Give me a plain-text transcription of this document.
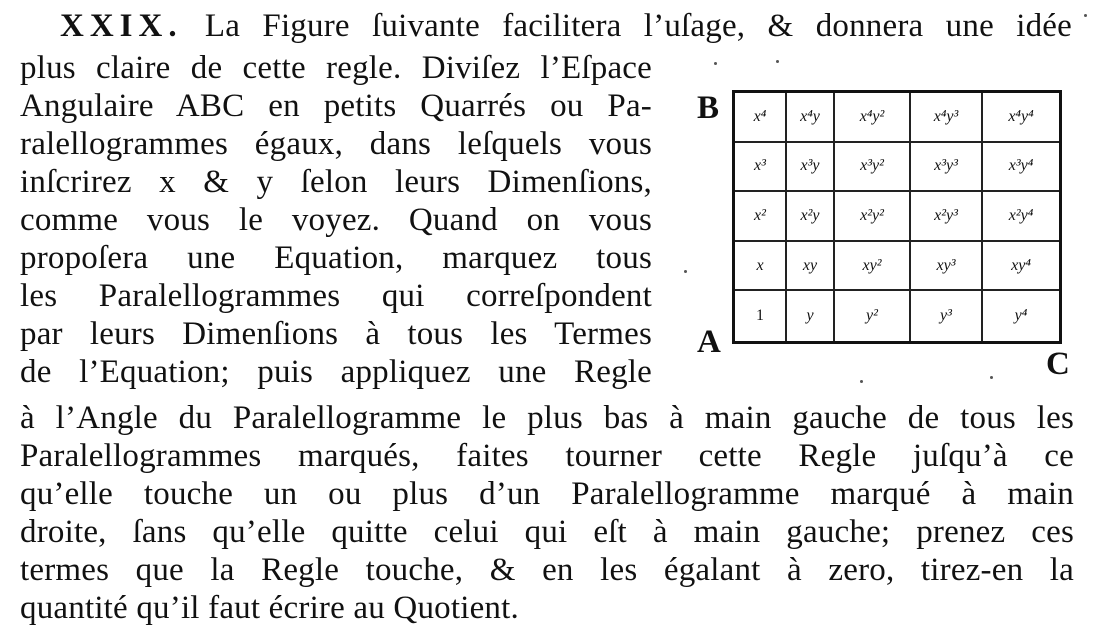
XXIX. La Figure ſuivante facilitera l’uſage, & donnera une idée
plus claire de cette regle. Diviſez l’Eſpace
Angulaire ABC en petits Quarrés ou Pa-
ralellogrammes égaux, dans leſquels vous
inſcrirez x & y ſelon leurs Dimenſions,
comme vous le voyez. Quand on vous
propoſera une Equation, marquez tous
les Paralellogrammes qui correſpondent
par leurs Dimenſions à tous les Termes
de l’Equation; puis appliquez une Regle
à l’Angle du Paralellogramme le plus bas à main gauche de tous les
Paralellogrammes marqués, faites tourner cette Regle juſqu’à ce
qu’elle touche un ou plus d’un Paralellogramme marqué à main
droite, ſans qu’elle quitte celui qui eſt à main gauche; prenez ces
termes que la Regle touche, & en les égalant à zero, tirez-en la
quantité qu’il faut écrire au Quotient.
B
A
C
x⁴	x⁴y	x⁴y²	x⁴y³	x⁴y⁴
x³	x³y	x³y²	x³y³	x³y⁴
x²	x²y	x²y²	x²y³	x²y⁴
x	xy	xy²	xy³	xy⁴
1	y	y²	y³	y⁴
